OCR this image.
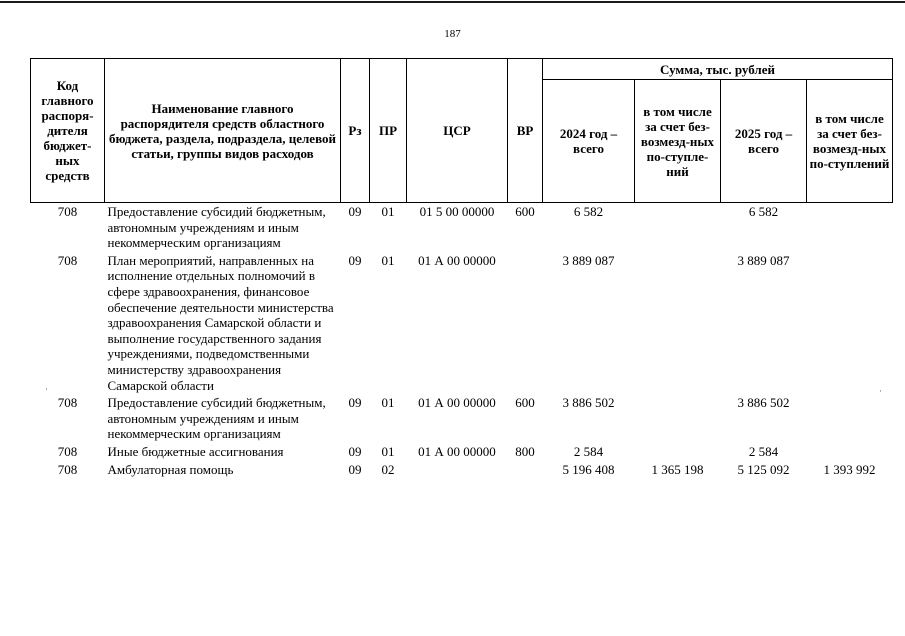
187
Код главного распоря-дителя бюджет-ных средств	Наименование главного распорядителя средств областного бюджета, раздела, подраздела, целевой статьи, группы видов расходов	Рз	ПР	ЦСР	ВР	Сумма, тыс. рублей			
						2024 год – всего	в том числе за счет без-возмезд-ных по-ступле-ний	2025 год – всего	в том числе за счет без-возмезд-ных по-ступлений
708	Предоставление субсидий бюджетным, автономным учреждениям и иным некоммерческим организациям	09	01	01 5 00 00000	600	6 582		6 582	
708	План мероприятий, направленных на исполнение отдельных полномочий в сфере здравоохранения, финансовое обеспечение деятельности министерства здравоохранения Самарской области и выполнение государственного задания учреждениями, подведомственными министерству здравоохранения Самарской области	09	01	01 А 00 00000		3 889 087		3 889 087	
708	Предоставление субсидий бюджетным, автономным учреждениям и иным некоммерческим организациям	09	01	01 А 00 00000	600	3 886 502		3 886 502	
708	Иные бюджетные ассигнования	09	01	01 А 00 00000	800	2 584		2 584	
708	Амбулаторная помощь	09	02			5 196 408	1 365 198	5 125 092	1 393 992
·	·
